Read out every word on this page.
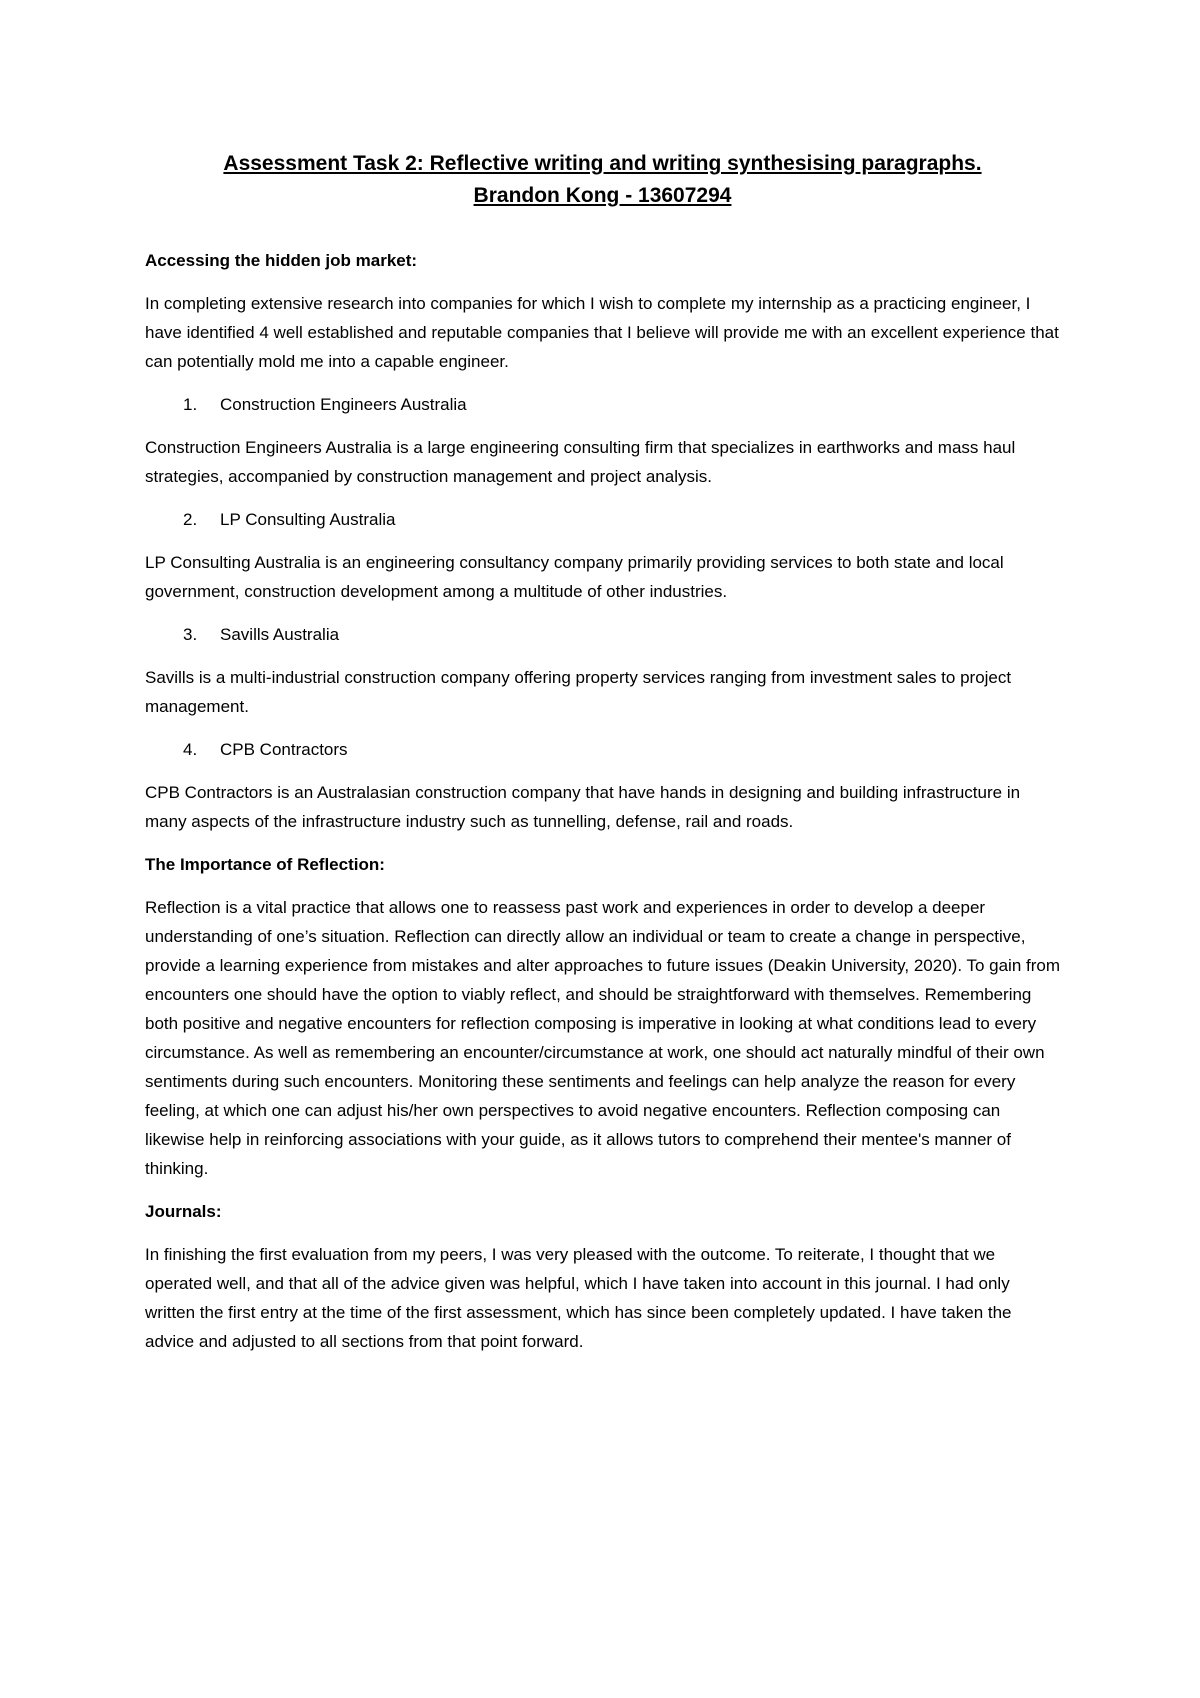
Assessment Task 2: Reflective writing and writing synthesising paragraphs.

Brandon Kong - 13607294

Accessing the hidden job market:

In completing extensive research into companies for which I wish to complete my internship as a practicing engineer, I have identified 4 well established and reputable companies that I believe will provide me with an excellent experience that can potentially mold me into a capable engineer.

1.	Construction Engineers Australia

Construction Engineers Australia is a large engineering consulting firm that specializes in earthworks and mass haul strategies, accompanied by construction management and project analysis.

2.	LP Consulting Australia

LP Consulting Australia is an engineering consultancy company primarily providing services to both state and local government, construction development among a multitude of other industries.

3.	Savills Australia

Savills is a multi-industrial construction company offering property services ranging from investment sales to project management.

4.	CPB Contractors

CPB Contractors is an Australasian construction company that have hands in designing and building infrastructure in many aspects of the infrastructure industry such as tunnelling, defense, rail and roads.

The Importance of Reflection:

Reflection is a vital practice that allows one to reassess past work and experiences in order to develop a deeper understanding of one’s situation. Reflection can directly allow an individual or team to create a change in perspective, provide a learning experience from mistakes and alter approaches to future issues (Deakin University, 2020). To gain from encounters one should have the option to viably reflect, and should be straightforward with themselves. Remembering both positive and negative encounters for reflection composing is imperative in looking at what conditions lead to every circumstance. As well as remembering an encounter/circumstance at work, one should act naturally mindful of their own sentiments during such encounters. Monitoring these sentiments and feelings can help analyze the reason for every feeling, at which one can adjust his/her own perspectives to avoid negative encounters. Reflection composing can likewise help in reinforcing associations with your guide, as it allows tutors to comprehend their mentee's manner of thinking.

Journals:

In finishing the first evaluation from my peers, I was very pleased with the outcome. To reiterate, I thought that we operated well, and that all of the advice given was helpful, which I have taken into account in this journal. I had only written the first entry at the time of the first assessment, which has since been completely updated. I have taken the advice and adjusted to all sections from that point forward.
